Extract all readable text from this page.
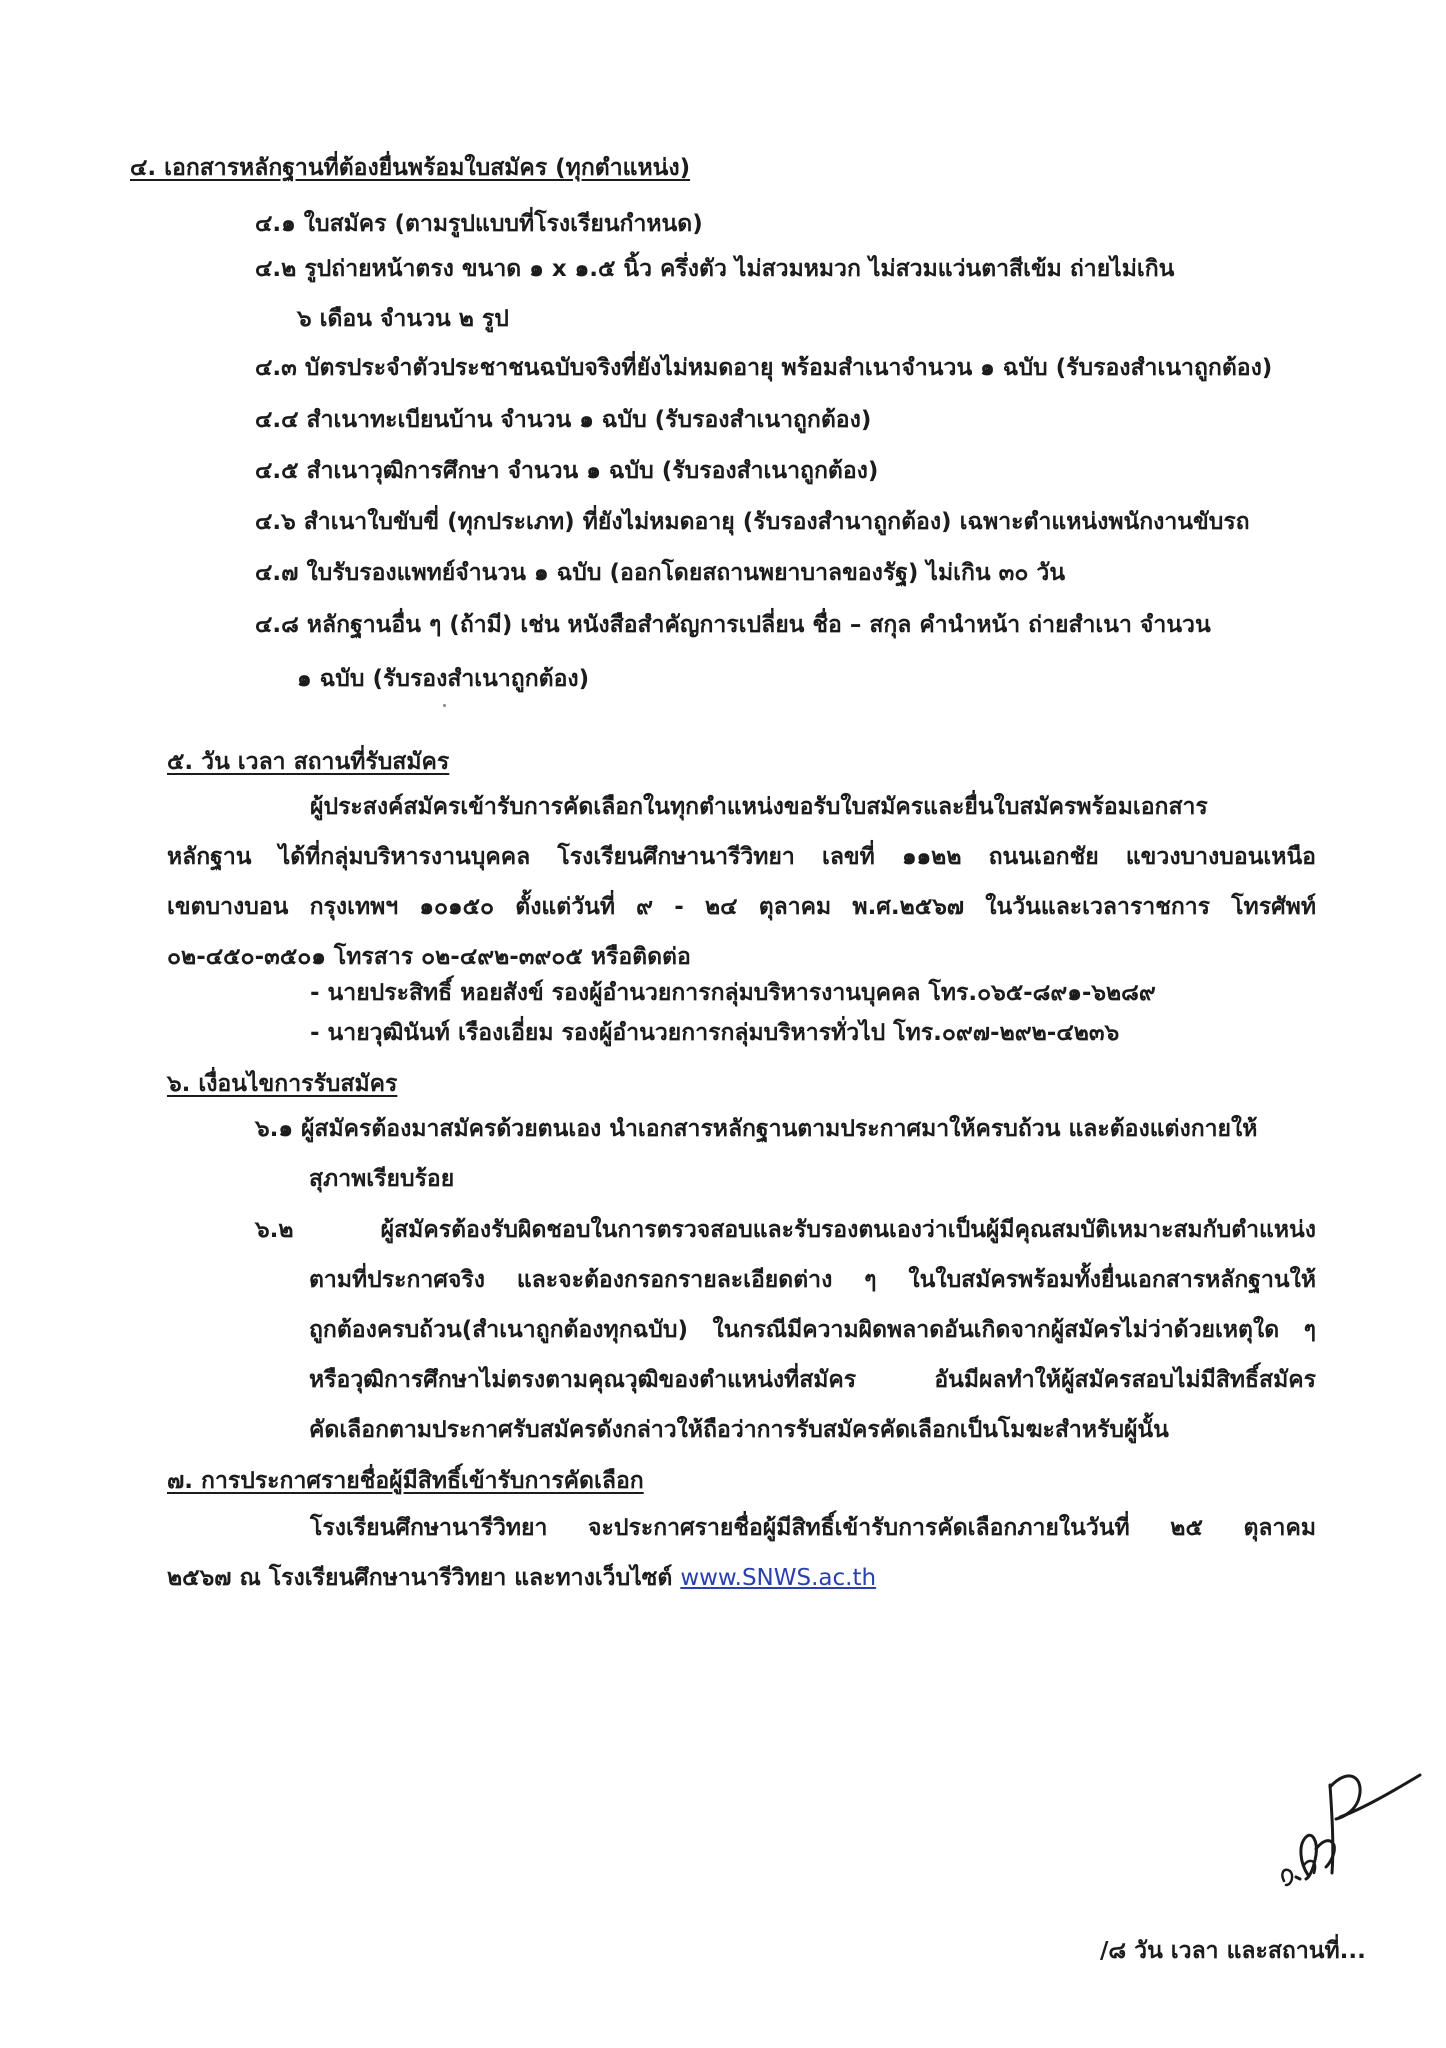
๔. เอกสารหลักฐานที่ต้องยื่นพร้อมใบสมัคร (ทุกตำแหน่ง)
๔.๑ ใบสมัคร (ตามรูปแบบที่โรงเรียนกำหนด)
๔.๒ รูปถ่ายหน้าตรง ขนาด ๑ x ๑.๕ นิ้ว ครึ่งตัว ไม่สวมหมวก ไม่สวมแว่นตาสีเข้ม ถ่ายไม่เกิน
๖ เดือน จำนวน ๒ รูป
๔.๓ บัตรประจำตัวประชาชนฉบับจริงที่ยังไม่หมดอายุ พร้อมสำเนาจำนวน ๑ ฉบับ (รับรองสำเนาถูกต้อง)
๔.๔ สำเนาทะเบียนบ้าน จำนวน ๑ ฉบับ (รับรองสำเนาถูกต้อง)
๔.๕ สำเนาวุฒิการศึกษา จำนวน ๑ ฉบับ (รับรองสำเนาถูกต้อง)
๔.๖ สำเนาใบขับขี่ (ทุกประเภท) ที่ยังไม่หมดอายุ (รับรองสำนาถูกต้อง) เฉพาะตำแหน่งพนักงานขับรถ
๔.๗ ใบรับรองแพทย์จำนวน ๑ ฉบับ (ออกโดยสถานพยาบาลของรัฐ) ไม่เกิน ๓๐ วัน
๔.๘ หลักฐานอื่น ๆ (ถ้ามี) เช่น หนังสือสำคัญการเปลี่ยน ชื่อ – สกุล คำนำหน้า ถ่ายสำเนา จำนวน
๑ ฉบับ (รับรองสำเนาถูกต้อง)
๕. วัน เวลา สถานที่รับสมัคร
ผู้ประสงค์สมัครเข้ารับการคัดเลือกในทุกตำแหน่งขอรับใบสมัครและยื่นใบสมัครพร้อมเอกสาร
หลักฐาน ได้ที่กลุ่มบริหารงานบุคคล โรงเรียนศึกษานารีวิทยา เลขที่ ๑๑๒๒ ถนนเอกชัย แขวงบางบอนเหนือ
เขตบางบอน กรุงเทพฯ ๑๐๑๕๐ ตั้งแต่วันที่ ๙ - ๒๔ ตุลาคม พ.ศ.๒๕๖๗ ในวันและเวลาราชการ โทรศัพท์
๐๒-๔๕๐-๓๕๐๑ โทรสาร ๐๒-๔๙๒-๓๙๐๕ หรือติดต่อ
- นายประสิทธิ์ หอยสังข์ รองผู้อำนวยการกลุ่มบริหารงานบุคคล โทร.๐๖๕-๘๙๑-๖๒๘๙
- นายวุฒินันท์ เรืองเอี่ยม รองผู้อำนวยการกลุ่มบริหารทั่วไป โทร.๐๙๗-๒๙๒-๔๒๓๖
๖. เงื่อนไขการรับสมัคร
๖.๑ ผู้สมัครต้องมาสมัครด้วยตนเอง นำเอกสารหลักฐานตามประกาศมาให้ครบถ้วน และต้องแต่งกายให้
สุภาพเรียบร้อย
๖.๒ ผู้สมัครต้องรับผิดชอบในการตรวจสอบและรับรองตนเองว่าเป็นผู้มีคุณสมบัติเหมาะสมกับตำแหน่ง
ตามที่ประกาศจริง และจะต้องกรอกรายละเอียดต่าง ๆ ในใบสมัครพร้อมทั้งยื่นเอกสารหลักฐานให้
ถูกต้องครบถ้วน(สำเนาถูกต้องทุกฉบับ) ในกรณีมีความผิดพลาดอันเกิดจากผู้สมัครไม่ว่าด้วยเหตุใด ๆ
หรือวุฒิการศึกษาไม่ตรงตามคุณวุฒิของตำแหน่งที่สมัคร อันมีผลทำให้ผู้สมัครสอบไม่มีสิทธิ์สมัคร
คัดเลือกตามประกาศรับสมัครดังกล่าวให้ถือว่าการรับสมัครคัดเลือกเป็นโมฆะสำหรับผู้นั้น
๗. การประกาศรายชื่อผู้มีสิทธิ์เข้ารับการคัดเลือก
โรงเรียนศึกษานารีวิทยา จะประกาศรายชื่อผู้มีสิทธิ์เข้ารับการคัดเลือกภายในวันที่ ๒๕ ตุลาคม
๒๕๖๗ ณ โรงเรียนศึกษานารีวิทยา และทางเว็บไซต์ www.SNWS.ac.th
/๘ วัน เวลา และสถานที่...
